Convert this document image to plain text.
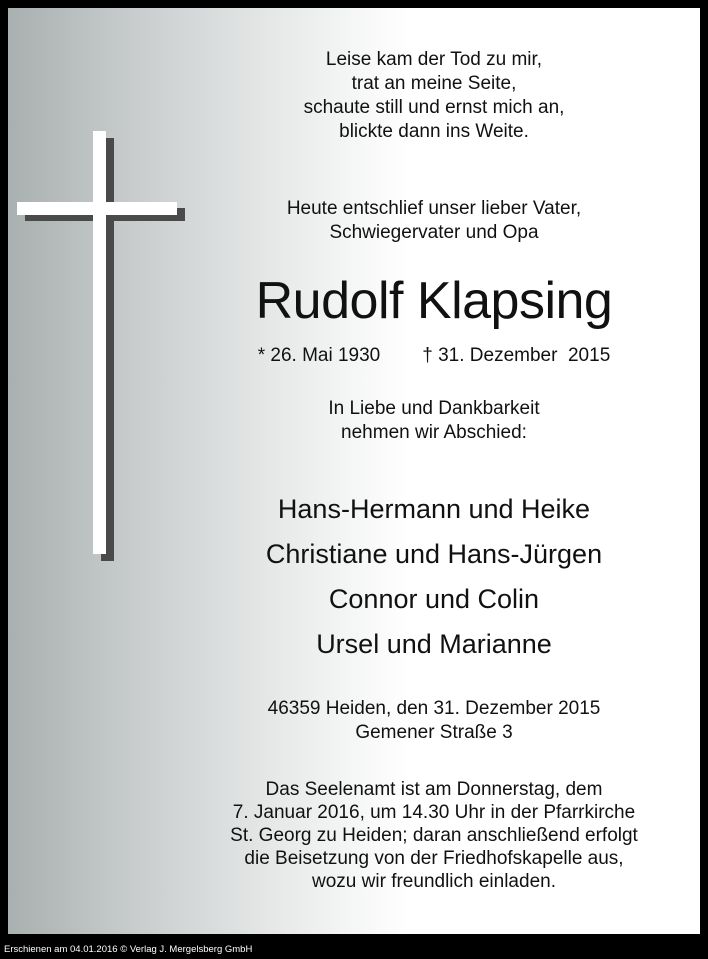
Leise kam der Tod zu mir,
trat an meine Seite,
schaute still und ernst mich an,
blickte dann ins Weite.
Heute entschlief unser lieber Vater,
Schwiegervater und Opa
Rudolf Klapsing
* 26. Mai 1930 † 31. Dezember  2015
In Liebe und Dankbarkeit
nehmen wir Abschied:
Hans-Hermann und Heike
Christiane und Hans-Jürgen
Connor und Colin
Ursel und Marianne
46359 Heiden, den 31. Dezember 2015
Gemener Straße 3
Das Seelenamt ist am Donnerstag, dem
7. Januar 2016, um 14.30 Uhr in der Pfarrkirche
St. Georg zu Heiden; daran anschließend erfolgt
die Beisetzung von der Friedhofskapelle aus,
wozu wir freundlich einladen.
Erschienen am 04.01.2016 © Verlag J. Mergelsberg GmbH
